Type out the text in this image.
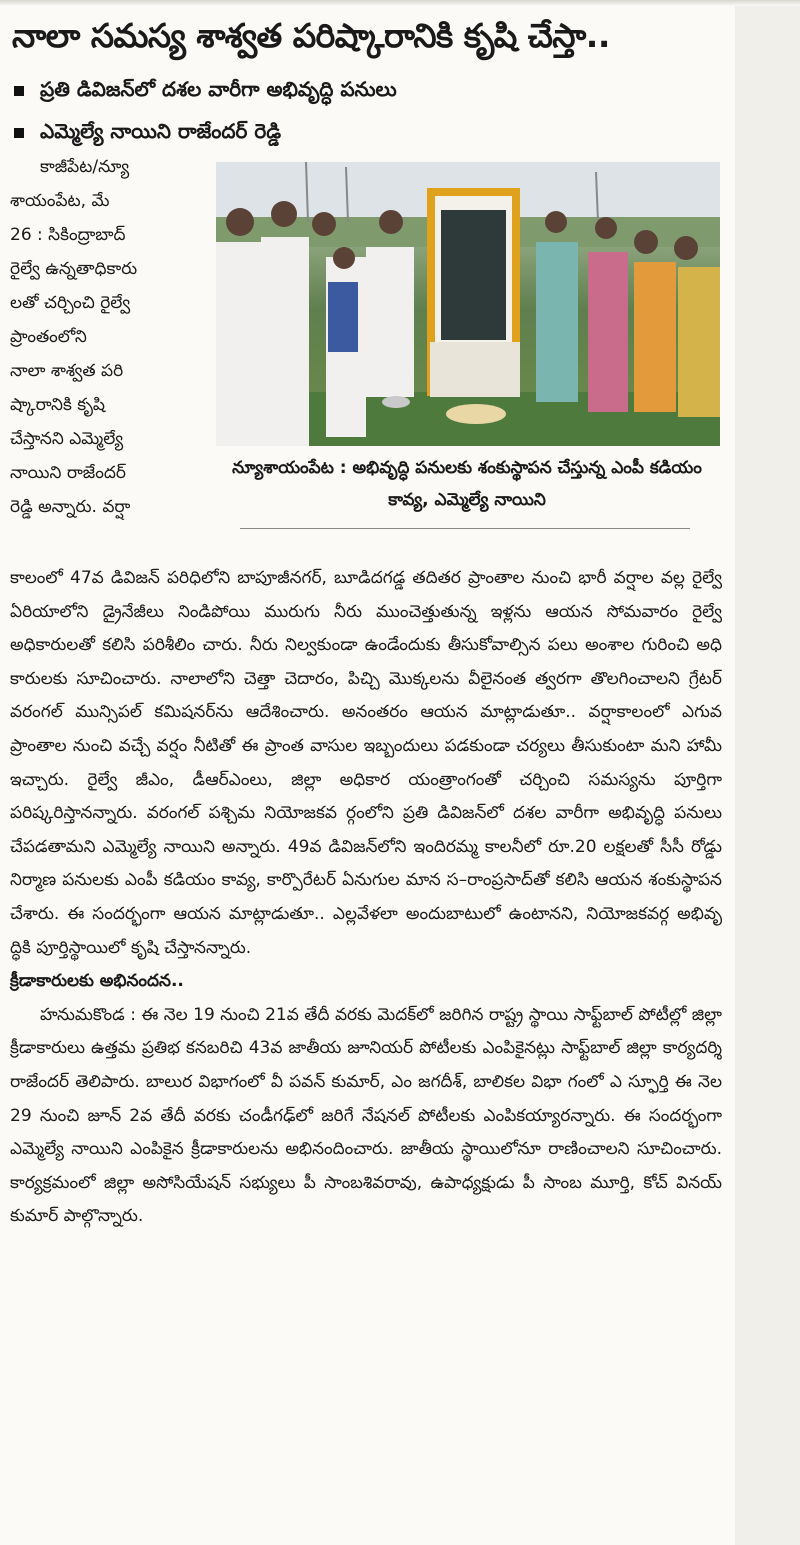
నాలా సమస్య శాశ్వత పరిష్కారానికి కృషి చేస్తా..
ప్రతి డివిజన్‌లో దశల వారీగా అభివృద్ధి పనులు
ఎమ్మెల్యే నాయిని రాజేందర్ రెడ్డి

కాజీపేట/న్యూ

శాయంపేట, మే

26 : సికింద్రాబాద్

రైల్వే ఉన్నతాధికారు

లతో చర్చించి రైల్వే

ప్రాంతంలోని

నాలా శాశ్వత పరి

ష్కారానికి కృషి

చేస్తానని ఎమ్మెల్యే

నాయిని రాజేందర్

రెడ్డి అన్నారు. వర్షా

న్యూశాయంపేట : అభివృద్ధి పనులకు శంకుస్థాపన చేస్తున్న ఎంపీ కడియం కావ్య, ఎమ్మెల్యే నాయిని

కాలంలో 47వ డివిజన్ పరిధిలోని బాపూజీనగర్, బూడిదగడ్డ తదితర ప్రాంతాల నుంచి భారీ వర్షాల వల్ల రైల్వే ఏరియాలోని డ్రైనేజీలు నిండిపోయి మురుగు నీరు ముంచెత్తుతున్న ఇళ్లను ఆయన సోమవారం రైల్వే అధికారులతో కలిసి పరిశీలిం చారు. నీరు నిల్వకుండా ఉండేందుకు తీసుకోవాల్సిన పలు అంశాల గురించి అధి కారులకు సూచించారు. నాలాలోని చెత్తా చెదారం, పిచ్చి మొక్కలను వీలైనంత త్వరగా తొలగించాలని గ్రేటర్ వరంగల్ మున్సిపల్ కమిషనర్‌ను ఆదేశించారు. అనంతరం ఆయన మాట్లాడుతూ.. వర్షాకాలంలో ఎగువ ప్రాంతాల నుంచి వచ్చే వర్షం నీటితో ఈ ప్రాంత వాసుల ఇబ్బందులు పడకుండా చర్యలు తీసుకుంటా మని హామీ ఇచ్చారు. రైల్వే జీఎం, డీఆర్‌ఎంలు, జిల్లా అధికార యంత్రాంగంతో చర్చించి సమస్యను పూర్తిగా పరిష్కరిస్తానన్నారు. వరంగల్ పశ్చిమ నియోజకవ ర్గంలోని ప్రతి డివిజన్‌లో దశల వారీగా అభివృద్ధి పనులు చేపడతామని ఎమ్మెల్యే నాయిని అన్నారు. 49వ డివిజన్‌లోని ఇందిరమ్మ కాలనీలో రూ.20 లక్షలతో సీసీ రోడ్డు నిర్మాణ పనులకు ఎంపీ కడియం కావ్య, కార్పొరేటర్ ఏనుగుల మాన స–రాంప్రసాద్‌తో కలిసి ఆయన శంకుస్థాపన చేశారు. ఈ సందర్భంగా ఆయన మాట్లాడుతూ.. ఎల్లవేళలా అందుబాటులో ఉంటానని, నియోజకవర్గ అభివృ ద్ధికి పూర్తిస్థాయిలో కృషి చేస్తానన్నారు.

క్రీడాకారులకు అభినందన..

హనుమకొండ : ఈ నెల 19 నుంచి 21వ తేదీ వరకు మెదక్‌లో జరిగిన రాష్ట్ర స్థాయి సాఫ్ట్‌బాల్ పోటీల్లో జిల్లా క్రీడాకారులు ఉత్తమ ప్రతిభ కనబరిచి 43వ జాతీయ జూనియర్ పోటీలకు ఎంపికైనట్లు సాఫ్ట్‌బాల్ జిల్లా కార్యదర్శి రాజేందర్ తెలిపారు. బాలుర విభాగంలో వీ పవన్ కుమార్, ఎం జగదీశ్, బాలికల విభా గంలో ఎ స్ఫూర్తి ఈ నెల 29 నుంచి జూన్ 2వ తేదీ వరకు చండీగఢ్‌లో జరిగే నేషనల్ పోటీలకు ఎంపికయ్యారన్నారు. ఈ సందర్భంగా ఎమ్మెల్యే నాయిని ఎంపికైన క్రీడాకారులను అభినందించారు. జాతీయ స్థాయిలోనూ రాణించాలని సూచించారు. కార్యక్రమంలో జిల్లా అసోసియేషన్ సభ్యులు పీ సాంబశివరావు, ఉపాధ్యక్షుడు పీ సాంబ మూర్తి, కోచ్ వినయ్ కుమార్ పాల్గొన్నారు.
